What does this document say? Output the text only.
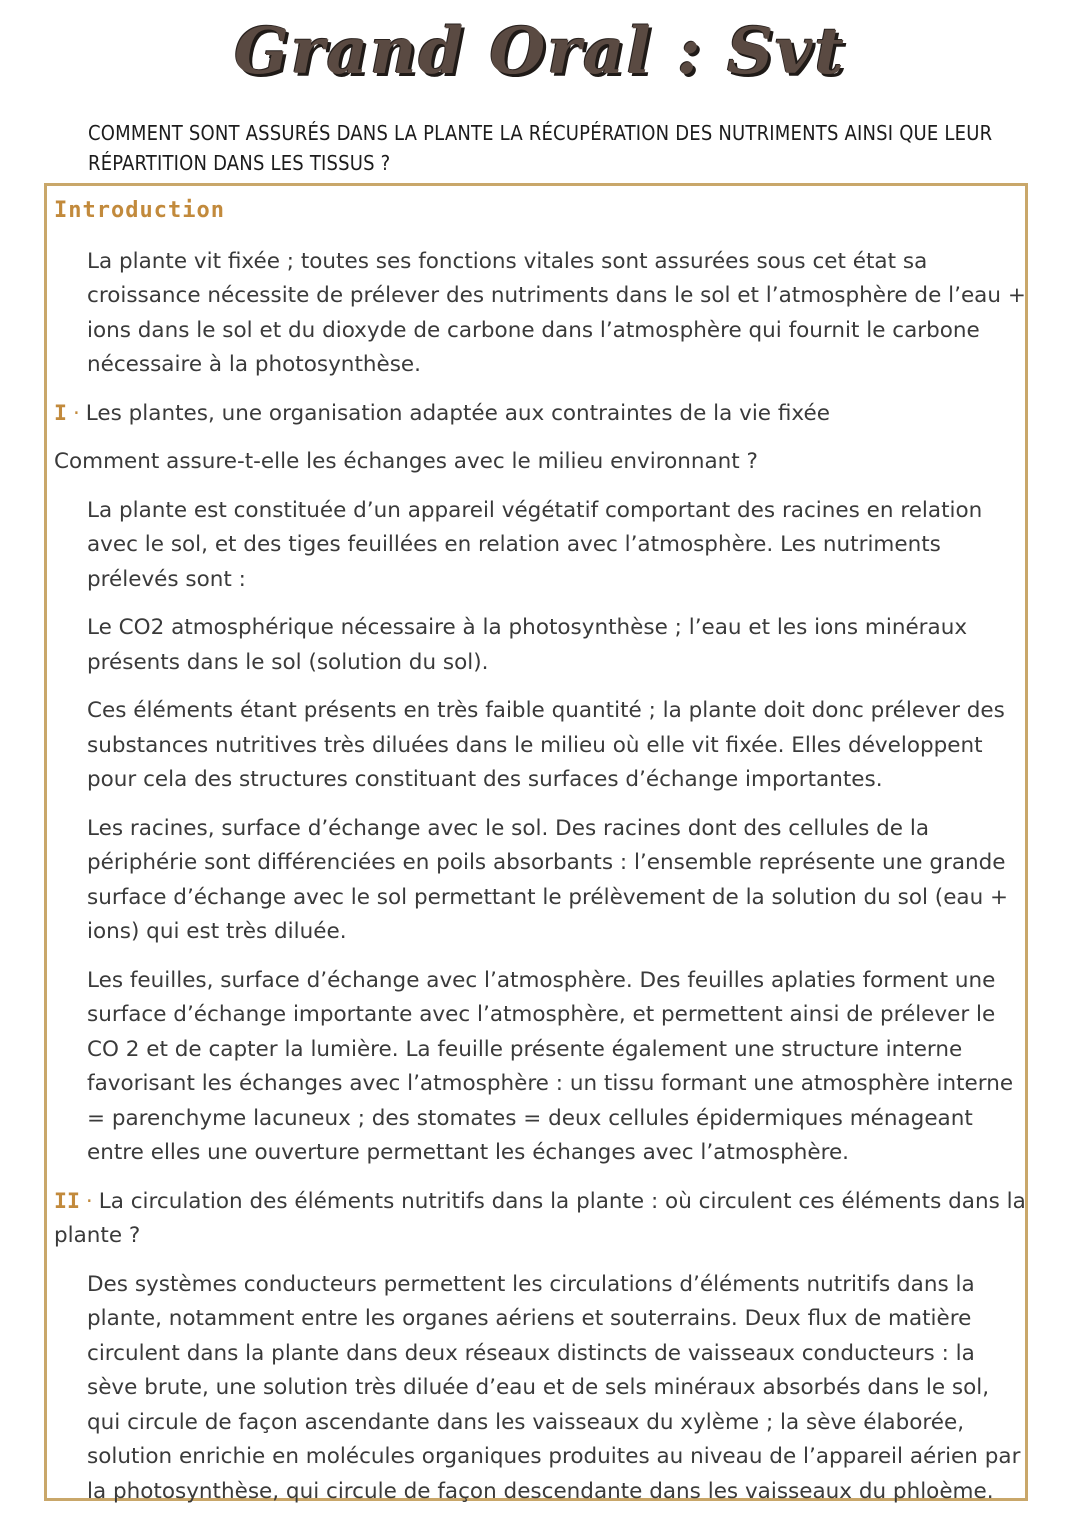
Grand Oral : Svt
COMMENT SONT ASSURÉS DANS LA PLANTE LA RÉCUPÉRATION DES NUTRIMENTS AINSI QUE LEUR RÉPARTITION DANS LES TISSUS ?
Introduction

La plante vit fixée ; toutes ses fonctions vitales sont assurées sous cet état sa croissance nécessite de prélever des nutriments dans le sol et l’atmosphère de l’eau + ions dans le sol et du dioxyde de carbone dans l’atmosphère qui fournit le carbone nécessaire à la photosynthèse.

I · Les plantes, une organisation adaptée aux contraintes de la vie fixée

Comment assure-t-elle les échanges avec le milieu environnant ?

La plante est constituée d’un appareil végétatif comportant des racines en relation avec le sol, et des tiges feuillées en relation avec l’atmosphère. Les nutriments prélevés sont :

Le CO2 atmosphérique nécessaire à la photosynthèse ; l’eau et les ions minéraux présents dans le sol (solution du sol).

Ces éléments étant présents en très faible quantité ; la plante doit donc prélever des substances nutritives très diluées dans le milieu où elle vit fixée. Elles développent pour cela des structures constituant des surfaces d’échange importantes.

Les racines, surface d’échange avec le sol. Des racines dont des cellules de la périphérie sont différenciées en poils absorbants : l’ensemble représente une grande surface d’échange avec le sol permettant le prélèvement de la solution du sol (eau + ions) qui est très diluée.

Les feuilles, surface d’échange avec l’atmosphère. Des feuilles aplaties forment une surface d’échange importante avec l’atmosphère, et permettent ainsi de prélever le CO 2 et de capter la lumière. La feuille présente également une structure interne favorisant les échanges avec l’atmosphère : un tissu formant une atmosphère interne = parenchyme lacuneux ; des stomates = deux cellules épidermiques ménageant entre elles une ouverture permettant les échanges avec l’atmosphère.

II · La circulation des éléments nutritifs dans la plante : où circulent ces éléments dans la plante ?

Des systèmes conducteurs permettent les circulations d’éléments nutritifs dans la plante, notamment entre les organes aériens et souterrains. Deux flux de matière circulent dans la plante dans deux réseaux distincts de vaisseaux conducteurs : la sève brute, une solution très diluée d’eau et de sels minéraux absorbés dans le sol, qui circule de façon ascendante dans les vaisseaux du xylème ; la sève élaborée, solution enrichie en molécules organiques produites au niveau de l’appareil aérien par la photosynthèse, qui circule de façon descendante dans les vaisseaux du phloème.
